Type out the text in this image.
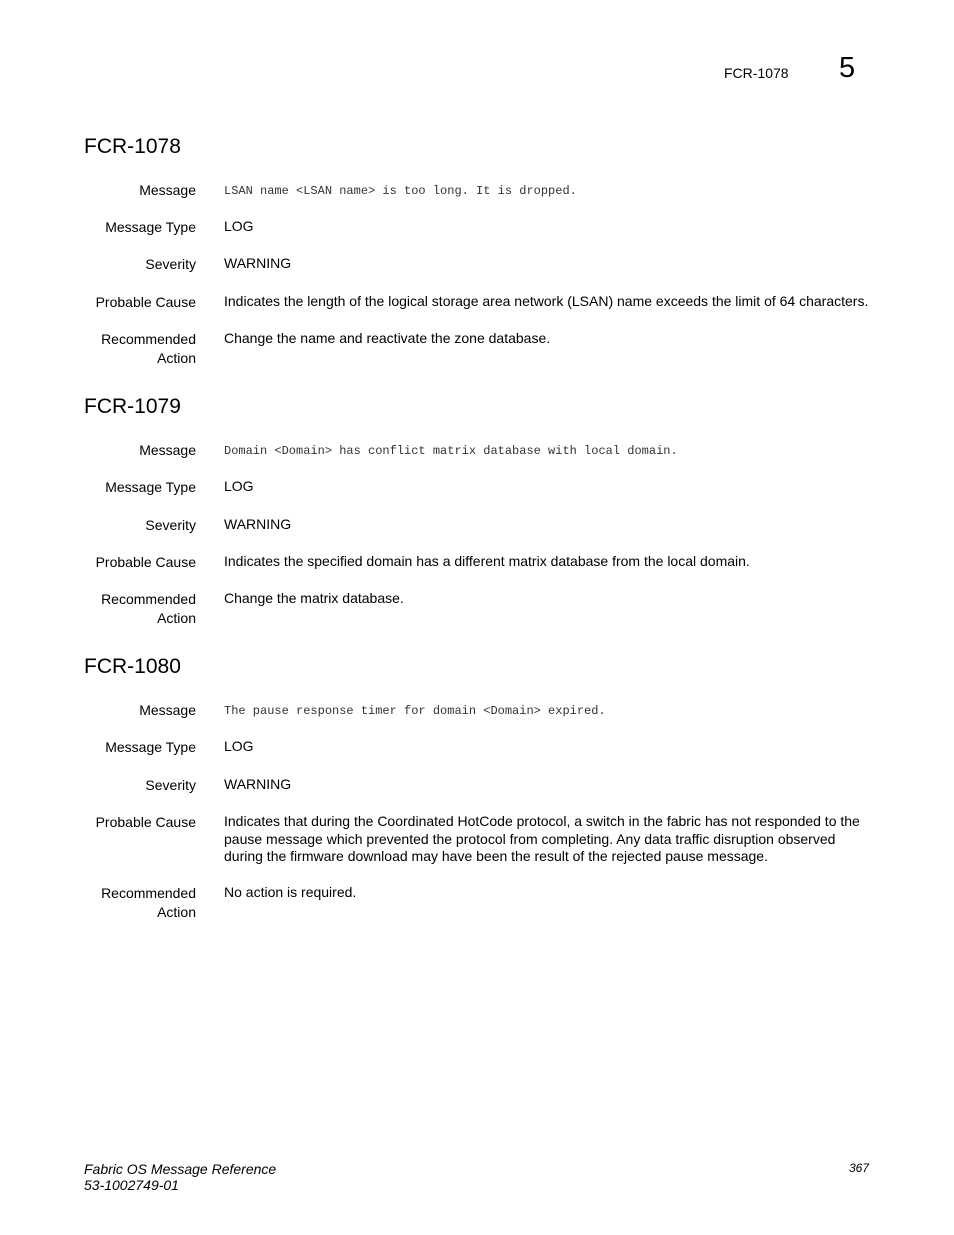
FCR-1078 5
FCR-1078
Message LSAN name <LSAN name> is too long. It is dropped.
Message Type LOG
Severity WARNING
Probable Cause Indicates the length of the logical storage area network (LSAN) name exceeds the limit of 64 characters.
Recommended
Action
Change the name and reactivate the zone database.
FCR-1079
Message Domain <Domain> has conflict matrix database with local domain.
Message Type LOG
Severity WARNING
Probable Cause Indicates the specified domain has a different matrix database from the local domain.
Recommended
Action
Change the matrix database.
FCR-1080
Message The pause response timer for domain <Domain> expired.
Message Type LOG
Severity WARNING
Probable Cause Indicates that during the Coordinated HotCode protocol, a switch in the fabric has not responded to the
pause message which prevented the protocol from completing. Any data traffic disruption observed
during the firmware download may have been the result of the rejected pause message.
Recommended
Action
No action is required.
Fabric OS Message Reference
53-1002749-01
367
